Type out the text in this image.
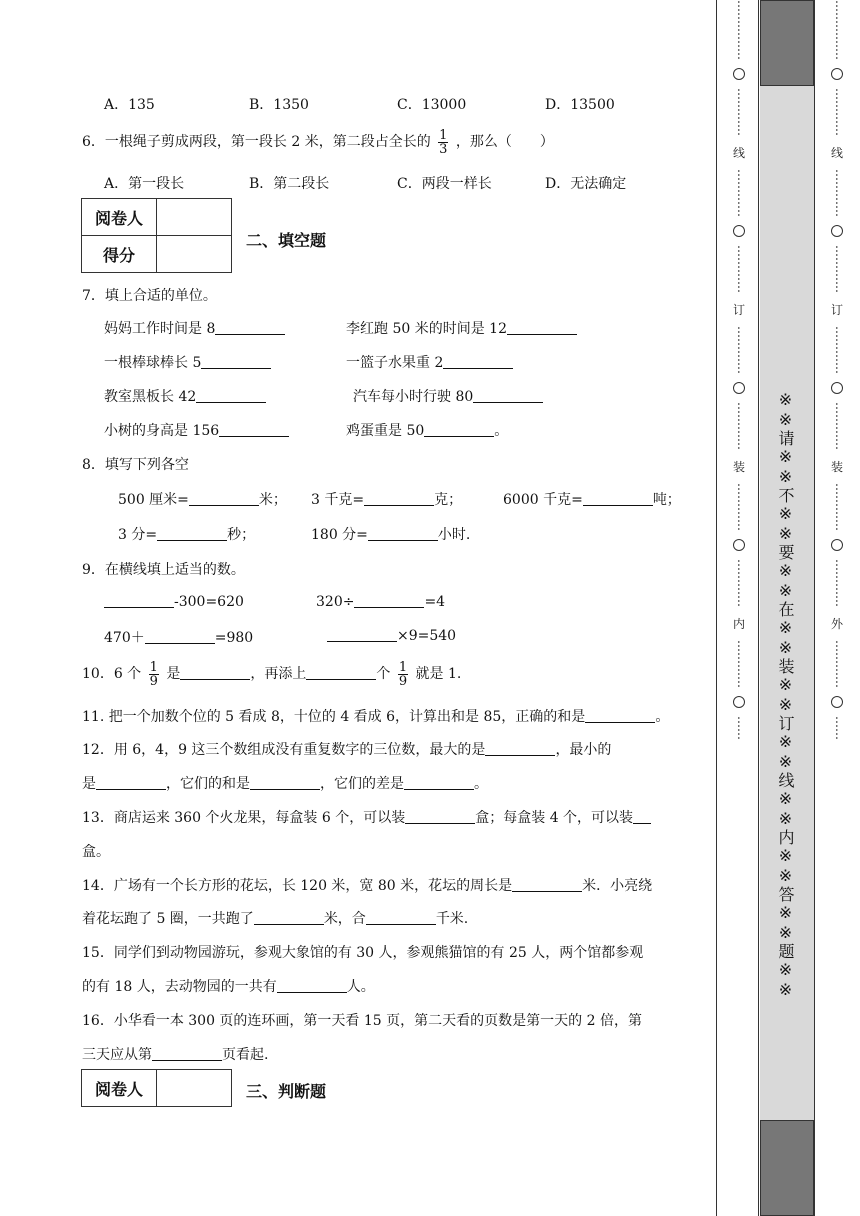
A．135	B．1350	C．13000	D．13500
6．一根绳子剪成两段，第一段长 2 米，第二段占全长的 $\frac{1}{3}$ ，那么（　　）
A．第一段长	B．第二段长	C．两段一样长	D．无法确定
阅卷人	
得分	
二、填空题
7．填上合适的单位。
妈妈工作时间是 8	李红跑 50 米的时间是 12
一根棒球棒长 5	一篮子水果重 2
教室黑板长 42	汽车每小时行驶 80
小树的身高是 156	鸡蛋重是 50	。
8．填写下列各空
500 厘米=	米； 3 千克=	克；	6000 千克=	吨；
3 分=	秒；	180 分=	小时.
9．在横线填上适当的数。
-300=620	320÷	=4
470＋	=980	×9=540
10．6 个 $\frac{1}{9}$ 是	，再添上	个 $\frac{1}{9}$ 就是 1.
11. 把一个加数个位的 5 看成 8，十位的 4 看成 6，计算出和是 85，正确的和是	。
12．用 6，4，9 这三个数组成没有重复数字的三位数，最大的是	，最小的
是	，它们的和是	，它们的差是	。
13．商店运来 360 个火龙果，每盒装 6 个，可以装	盒；每盒装 4 个，可以装
盒。
14．广场有一个长方形的花坛，长 120 米，宽 80 米，花坛的周长是	米．小亮绕
着花坛跑了 5 圈，一共跑了	米，合	千米.
15．同学们到动物园游玩，参观大象馆的有 30 人，参观熊猫馆的有 25 人，两个馆都参观
的有 18 人，去动物园的一共有	人。
16．小华看一本 300 页的连环画，第一天看 15 页，第二天看的页数是第一天的 2 倍，第
三天应从第	页看起.
阅卷人		三、判断题
⋯⋯⋯⋯⋯
⋯⋯⋯⋯
线
⋯⋯⋯⋯
⋯⋯⋯⋯
订
⋯⋯⋯⋯
⋯⋯⋯⋯
装
⋯⋯⋯⋯
⋯⋯⋯⋯
内
⋯⋯⋯⋯
⋯⋯ ※※请※※不※※要※※在※※装※※订※※线※※内※※答※※题※※
⋯⋯⋯⋯⋯
⋯⋯⋯⋯
线
⋯⋯⋯⋯
⋯⋯⋯⋯
订
⋯⋯⋯⋯
⋯⋯⋯⋯
装
⋯⋯⋯⋯
⋯⋯⋯⋯
外
⋯⋯⋯⋯
⋯⋯
